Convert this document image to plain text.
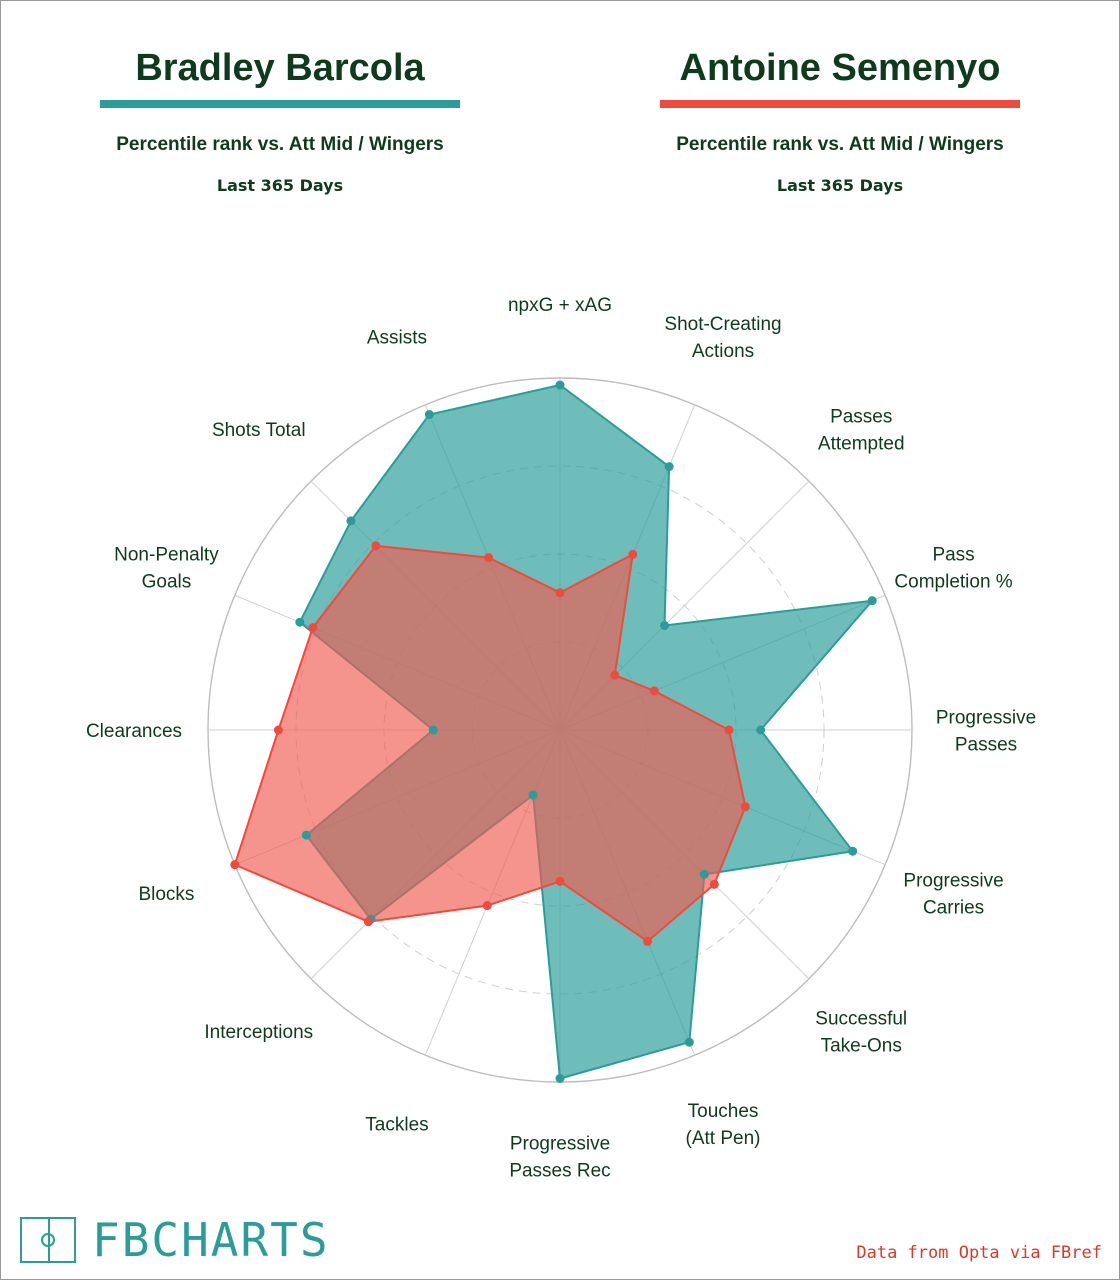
Bradley Barcola
Percentile rank vs. Att Mid / Wingers
Last 365 Days
Antoine Semenyo
Percentile rank vs. Att Mid / Wingers
Last 365 Days
npxG + xAG
Shot-Creating Actions
Passes Attempted
Pass Completion %
Progressive Passes
Progressive Carries
Successful Take-Ons
Touches (Att Pen)
Progressive Passes Rec
Tackles
Interceptions
Blocks
Clearances
Non-Penalty Goals
Shots Total
Assists
FBCHARTS	Data from Opta via FBref
